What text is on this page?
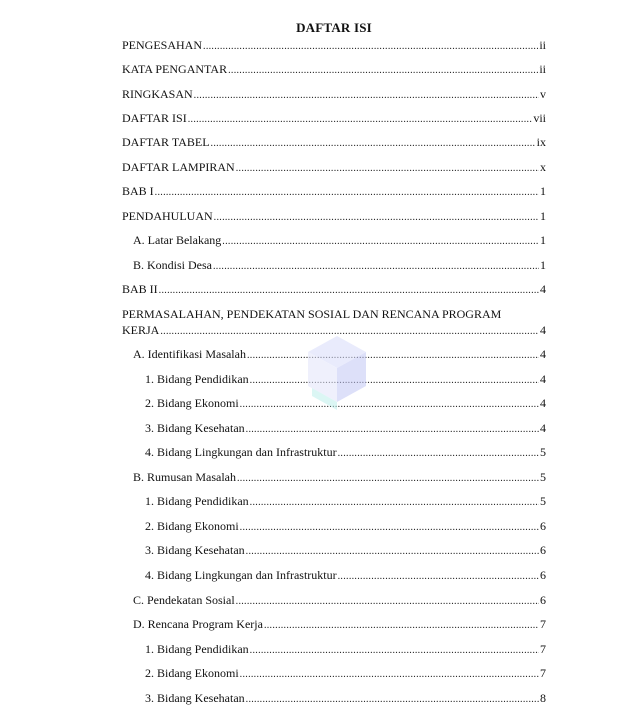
DAFTAR ISI
PENGESAHAN .....	ii
KATA PENGANTAR .....	ii
RINGKASAN .....	v
DAFTAR ISI .....	vii
DAFTAR TABEL .....	ix
DAFTAR LAMPIRAN .....	x
BAB I .....	1
PENDAHULUAN .....	1
A. Latar Belakang .....	1
B. Kondisi Desa .....	1
BAB II .....	4
PERMASALAHAN, PENDEKATAN SOSIAL DAN RENCANA PROGRAM
KERJA .....	4
A. Identifikasi Masalah .....	4
1. Bidang Pendidikan .....	4
2. Bidang Ekonomi .....	4
3. Bidang Kesehatan .....	4
4. Bidang Lingkungan dan Infrastruktur .....	5
B. Rumusan Masalah .....	5
1. Bidang Pendidikan .....	5
2. Bidang Ekonomi .....	6
3. Bidang Kesehatan .....	6
4. Bidang Lingkungan dan Infrastruktur .....	6
C. Pendekatan Sosial .....	6
D. Rencana Program Kerja .....	7
1. Bidang Pendidikan .....	7
2. Bidang Ekonomi .....	7
3. Bidang Kesehatan .....	8
